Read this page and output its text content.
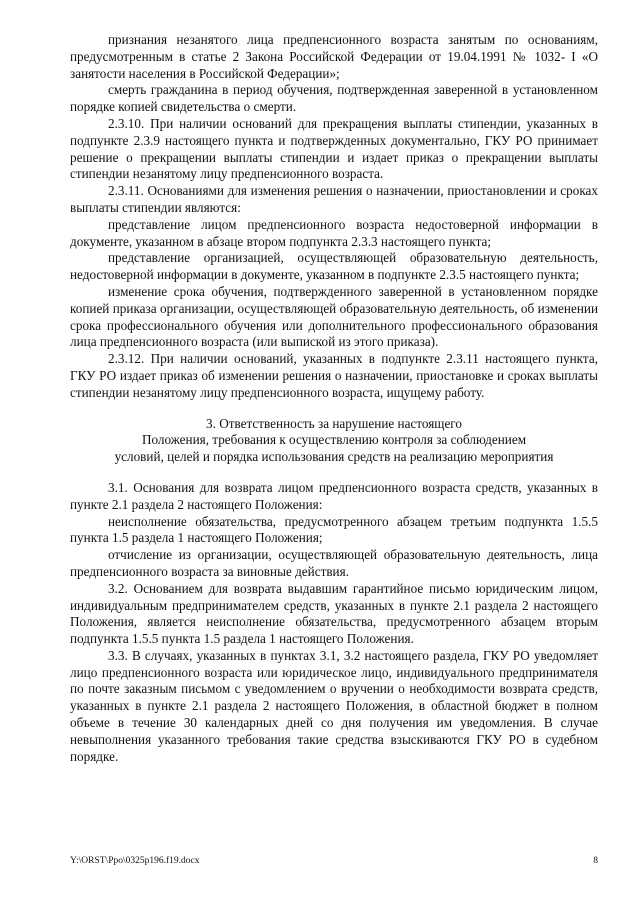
признания незанятого лица предпенсионного возраста занятым по основаниям, предусмотренным в статье 2 Закона Российской Федерации от 19.04.1991 № 1032- I «О занятости населения в Российской Федерации»;

смерть гражданина в период обучения, подтвержденная заверенной в установленном порядке копией свидетельства о смерти.

2.3.10. При наличии оснований для прекращения выплаты стипендии, указанных в подпункте 2.3.9 настоящего пункта и подтвержденных документально, ГКУ РО принимает решение о прекращении выплаты стипендии и издает приказ о прекращении выплаты стипендии незанятому лицу предпенсионного возраста.

2.3.11. Основаниями для изменения решения о назначении, приостановлении и сроках выплаты стипендии являются:

представление лицом предпенсионного возраста недостоверной информации в документе, указанном в абзаце втором подпункта 2.3.3 настоящего пункта;

представление организацией, осуществляющей образовательную деятельность, недостоверной информации в документе, указанном в подпункте 2.3.5 настоящего пункта;

изменение срока обучения, подтвержденного заверенной в установленном порядке копией приказа организации, осуществляющей образовательную деятельность, об изменении срока профессионального обучения или дополнительного профессионального образования лица предпенсионного возраста (или выпиской из этого приказа).

2.3.12. При наличии оснований, указанных в подпункте 2.3.11 настоящего пункта, ГКУ РО издает приказ об изменении решения о назначении, приостановке и сроках выплаты стипендии незанятому лицу предпенсионного возраста, ищущему работу.

3. Ответственность за нарушение настоящего
Положения, требования к осуществлению контроля за соблюдением
условий, целей и порядка использования средств на реализацию мероприятия

3.1. Основания для возврата лицом предпенсионного возраста средств, указанных в пункте 2.1 раздела 2 настоящего Положения:

неисполнение обязательства, предусмотренного абзацем третьим подпункта 1.5.5 пункта 1.5 раздела 1 настоящего Положения;

отчисление из организации, осуществляющей образовательную деятельность, лица предпенсионного возраста за виновные действия.

3.2. Основанием для возврата выдавшим гарантийное письмо юридическим лицом, индивидуальным предпринимателем средств, указанных в пункте 2.1 раздела 2 настоящего Положения, является неисполнение обязательства, предусмотренного абзацем вторым подпункта 1.5.5 пункта 1.5 раздела 1 настоящего Положения.

3.3. В случаях, указанных в пунктах 3.1, 3.2 настоящего раздела, ГКУ РО уведомляет лицо предпенсионного возраста или юридическое лицо, индивидуального предпринимателя по почте заказным письмом с уведомлением о вручении о необходимости возврата средств, указанных в пункте 2.1 раздела 2 настоящего Положения, в областной бюджет в полном объеме в течение 30 календарных дней со дня получения им уведомления. В случае невыполнения указанного требования такие средства взыскиваются ГКУ РО в судебном порядке.

Y:\ORST\Ppo\0325p196.f19.docx	8
